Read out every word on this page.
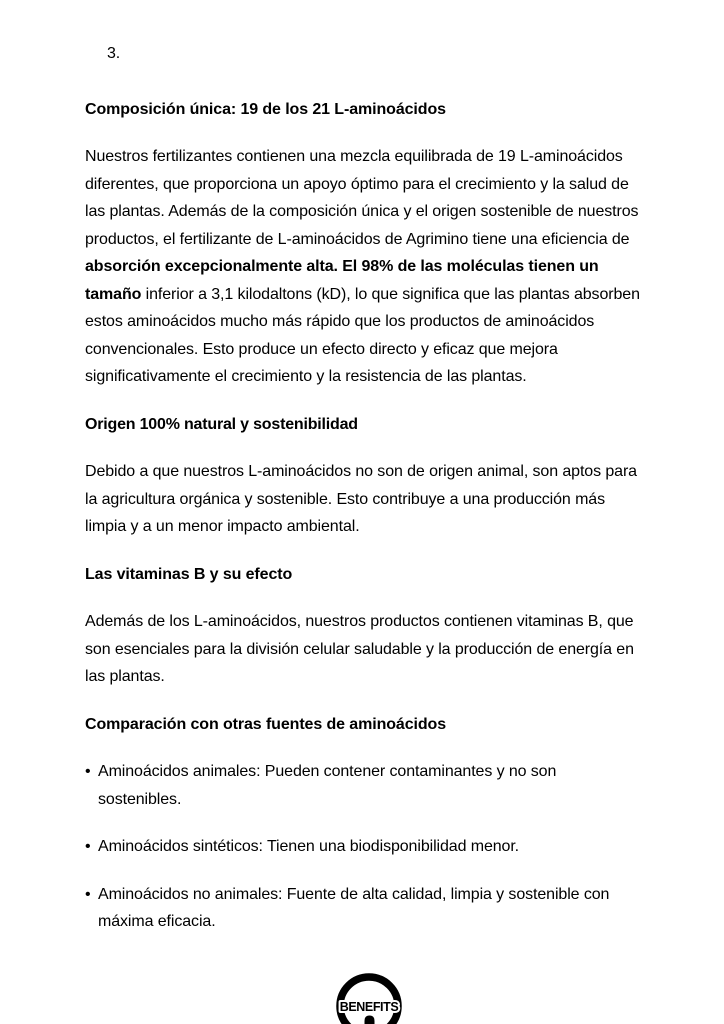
3.
Composición única: 19 de los 21 L-aminoácidos

Nuestros fertilizantes contienen una mezcla equilibrada de 19 L-aminoácidos diferentes, que proporciona un apoyo óptimo para el crecimiento y la salud de las plantas. Además de la composición única y el origen sostenible de nuestros productos, el fertilizante de L-aminoácidos de Agrimino tiene una eficiencia de absorción excepcionalmente alta. El 98% de las moléculas tienen un tamaño inferior a 3,1 kilodaltons (kD), lo que significa que las plantas absorben estos aminoácidos mucho más rápido que los productos de aminoácidos convencionales. Esto produce un efecto directo y eficaz que mejora significativamente el crecimiento y la resistencia de las plantas.

Origen 100% natural y sostenibilidad

Debido a que nuestros L-aminoácidos no son de origen animal, son aptos para la agricultura orgánica y sostenible. Esto contribuye a una producción más limpia y a un menor impacto ambiental.

Las vitaminas B y su efecto

Además de los L-aminoácidos, nuestros productos contienen vitaminas B, que son esenciales para la división celular saludable y la producción de energía en las plantas.

Comparación con otras fuentes de aminoácidos
• Aminoácidos animales: Pueden contener contaminantes y no son sostenibles.
• Aminoácidos sintéticos: Tienen una biodisponibilidad menor.
• Aminoácidos no animales: Fuente de alta calidad, limpia y sostenible con máxima eficacia.
BENEFITS
